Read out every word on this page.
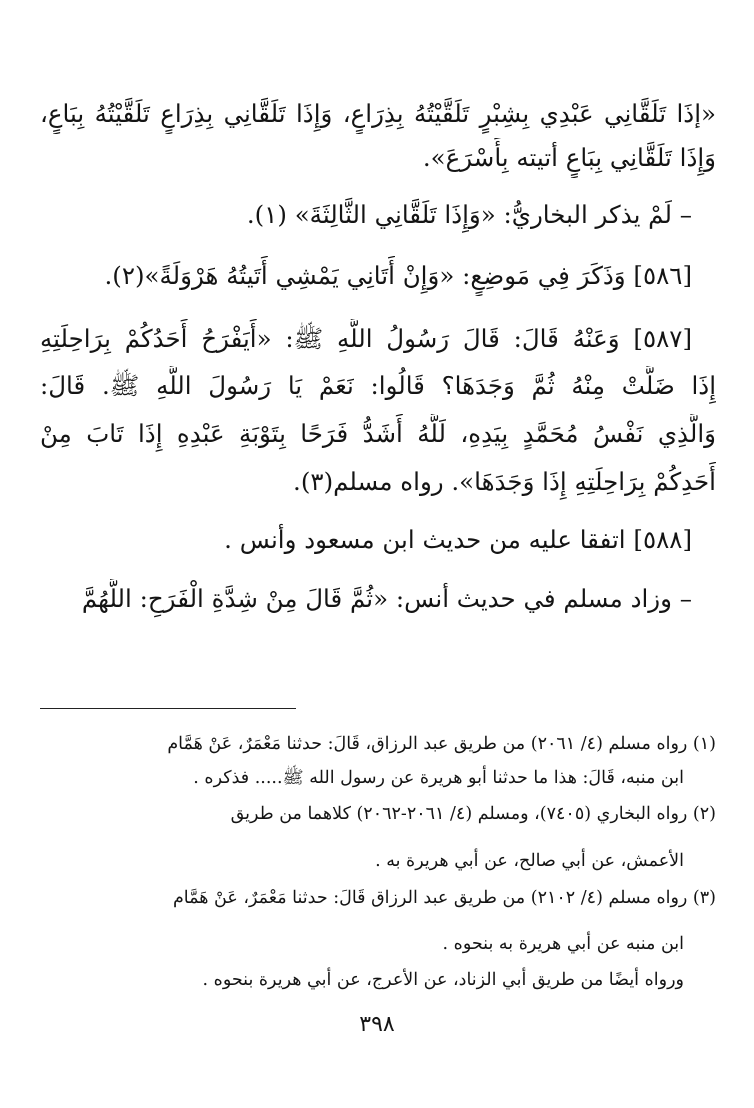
«إذَا تَلَقَّانِي عَبْدِي بِشِبْرٍ تَلَقَّيْتُهُ بِذِرَاعٍ، وَإِذَا تَلَقَّانِي بِذِرَاعٍ تَلَقَّيْتُهُ بِبَاعٍ،
وَإِذَا تَلَقَّانِي بِبَاعٍ أتيته بِأَسْرَعَ».
– لَمْ يذكر البخاريُّ: «وَإِذَا تَلَقَّانِي الثَّالِثَةَ» (١).
[٥٨٦] وَذَكَرَ فِي مَوضِعٍ: «وَإِنْ أَتَانِي يَمْشِي أَتَيتُهُ هَرْوَلَةً»(٢).
[٥٨٧] وَعَنْهُ قَالَ: قَالَ رَسُولُ اللَّهِ ﷺ: «أَيَفْرَحُ أَحَدُكُمْ بِرَاحِلَتِهِ
إِذَا ضَلَّتْ مِنْهُ ثُمَّ وَجَدَهَا؟ قَالُوا: نَعَمْ يَا رَسُولَ اللَّهِ ﷺ. قَالَ:
وَالَّذِي نَفْسُ مُحَمَّدٍ بِيَدِهِ، لَلَّهُ أَشَدُّ فَرَحًا بِتَوْبَةِ عَبْدِهِ إِذَا تَابَ مِنْ
أَحَدِكُمْ بِرَاحِلَتِهِ إِذَا وَجَدَهَا». رواه مسلم(٣).
[٥٨٨] اتفقا عليه من حديث ابن مسعود وأنس .
– وزاد مسلم في حديث أنس: «ثُمَّ قَالَ مِنْ شِدَّةِ الْفَرَحِ: اللَّهُمَّ
(١) رواه مسلم (٤/ ٢٠٦١) من طريق عبد الرزاق، قَالَ: حدثنا مَعْمَرٌ، عَنْ هَمَّام
ابن منبه، قَالَ: هذا ما حدثنا أبو هريرة عن رسول الله ﷺ..... فذكره .
(٢) رواه البخاري (٧٤٠٥)، ومسلم (٤/ ٢٠٦١-٢٠٦٢) كلاهما من طريق
الأعمش، عن أبي صالح، عن أبي هريرة به .
(٣) رواه مسلم (٤/ ٢١٠٢) من طريق عبد الرزاق قَالَ: حدثنا مَعْمَرٌ، عَنْ هَمَّام
ابن منبه عن أبي هريرة به بنحوه .
ورواه أيضًا من طريق أبي الزناد، عن الأعرج، عن أبي هريرة بنحوه .
٣٩٨
